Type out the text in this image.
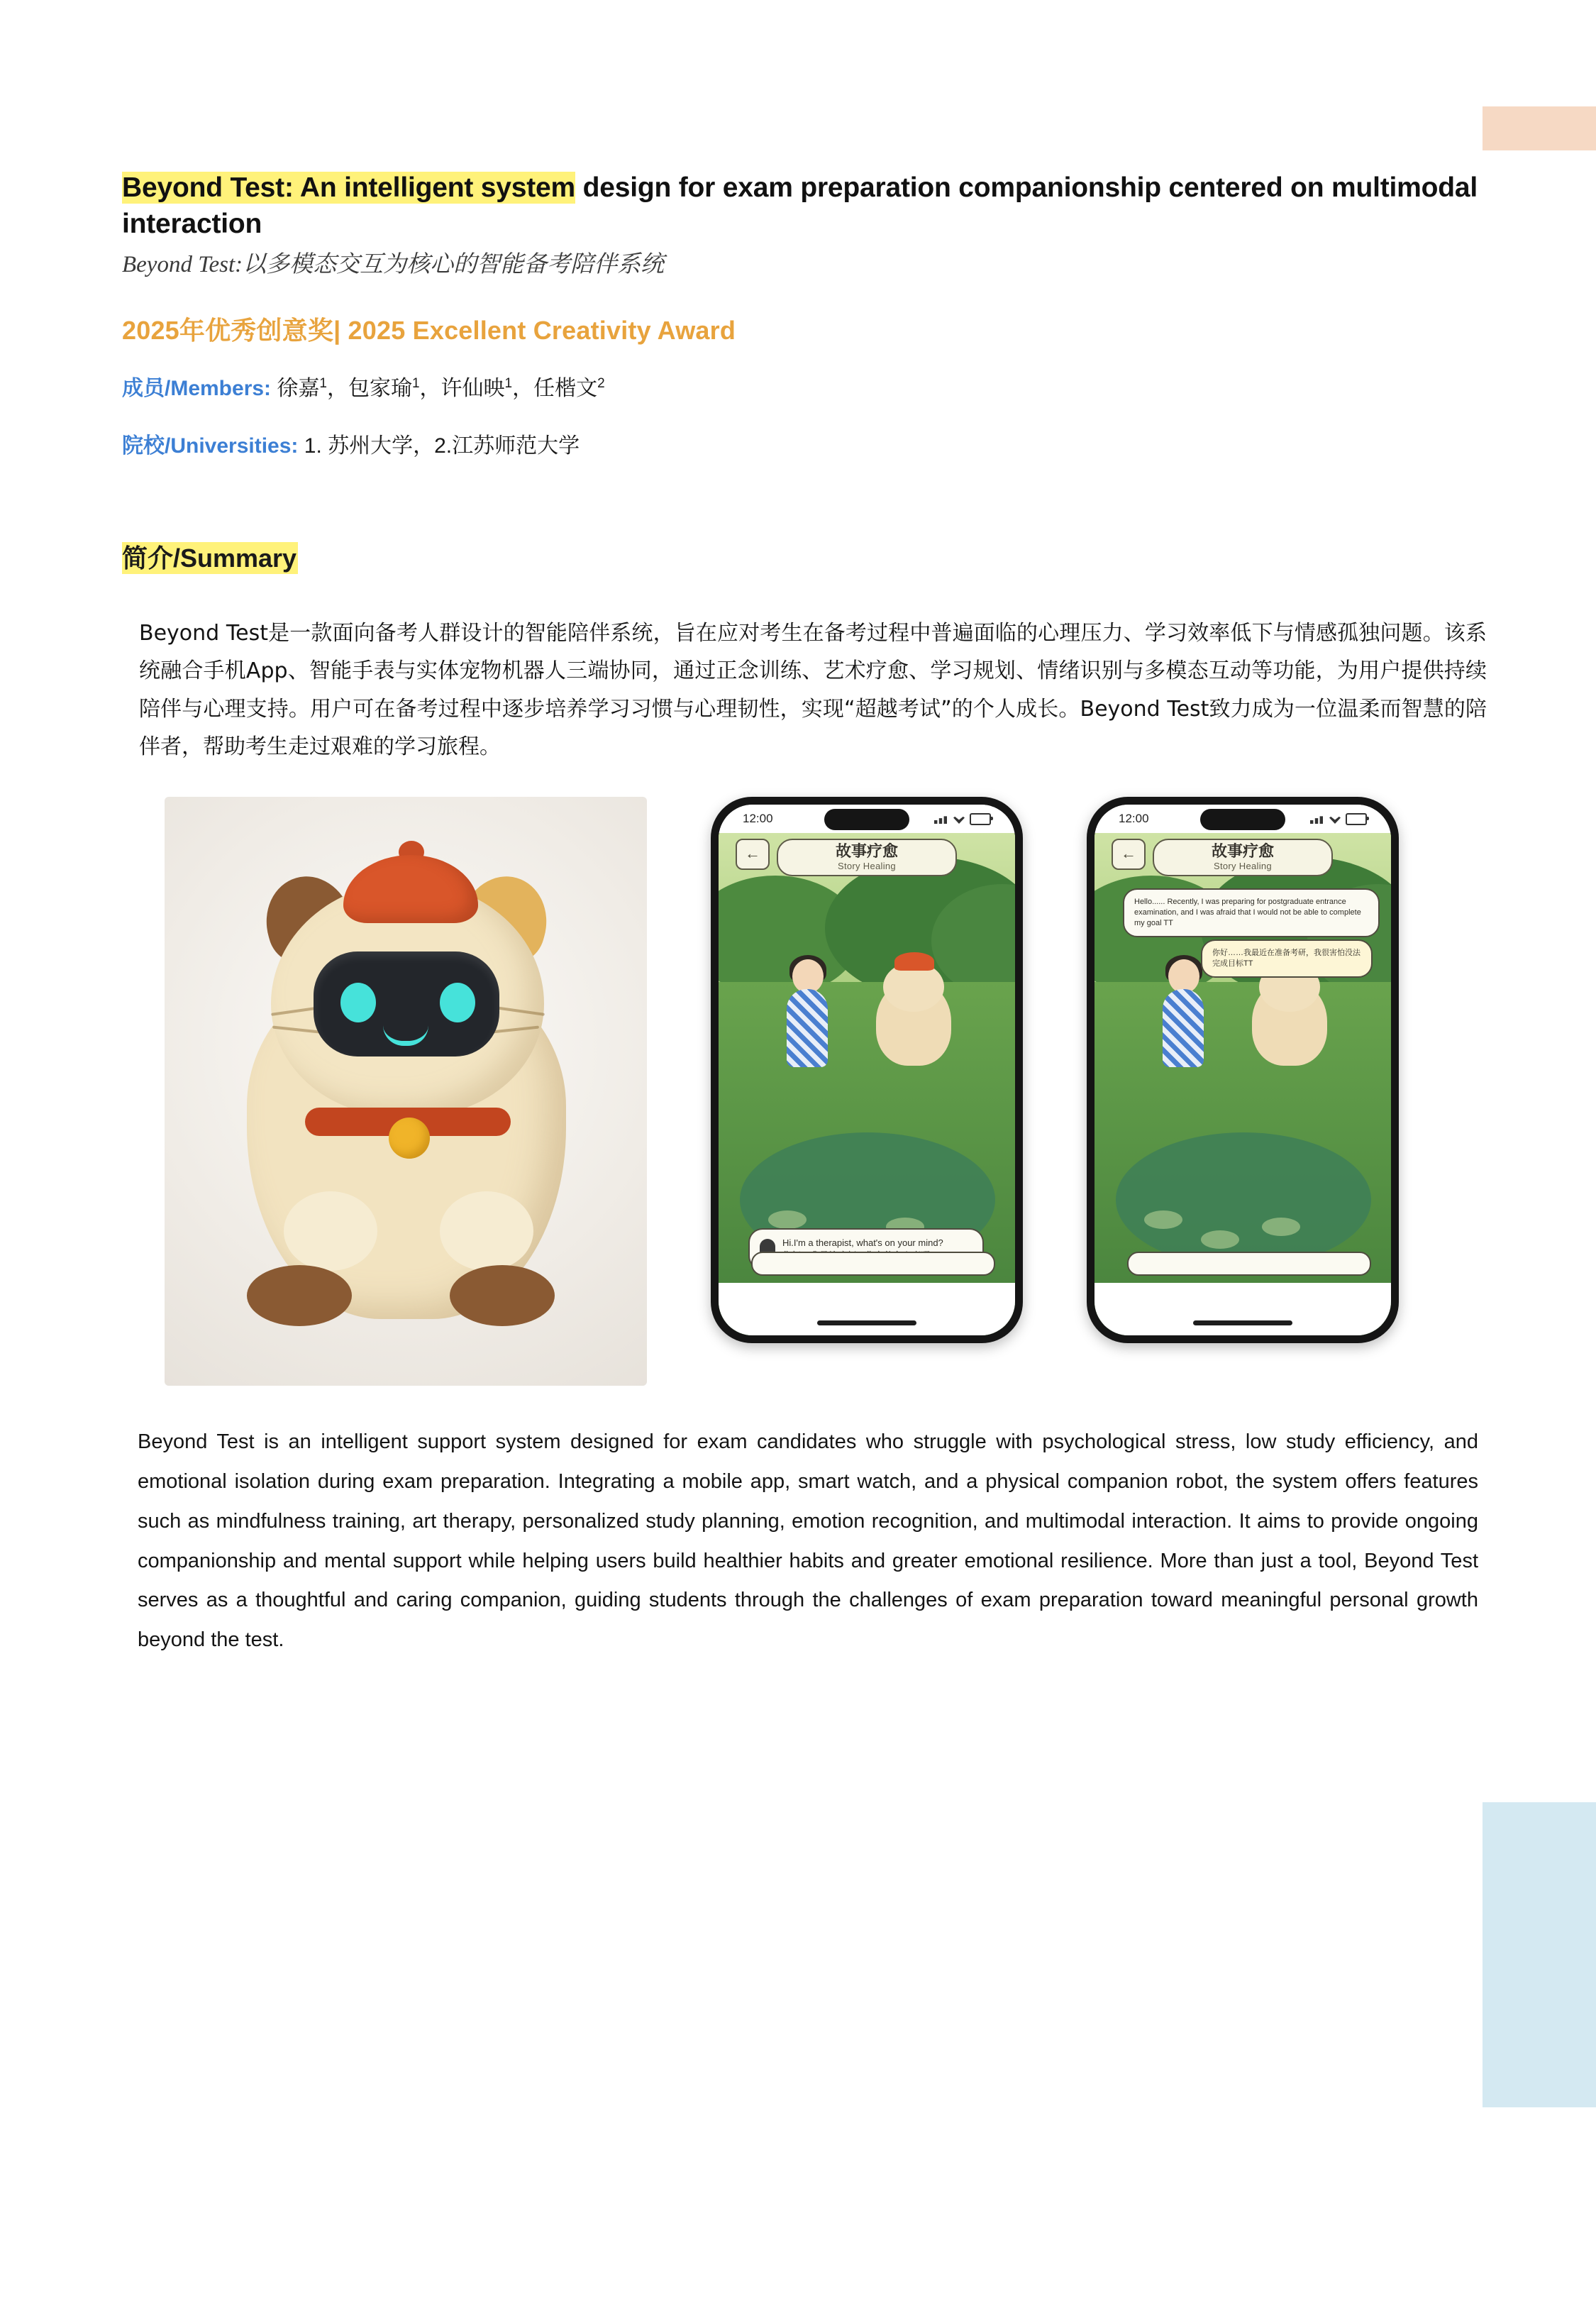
Beyond Test: An intelligent system design for exam preparation companionship centered on multimodal interaction
Beyond Test:以多模态交互为核心的智能备考陪伴系统
2025年优秀创意奖| 2025 Excellent Creativity Award
成员/Members: 徐嘉$^1$，包家瑜$^1$，许仙映$^1$，任楷文$^2$
院校/Universities: 1. 苏州大学，2.江苏师范大学
简介/Summary

Beyond Test是一款面向备考人群设计的智能陪伴系统，旨在应对考生在备考过程中普遍面临的心理压力、学习效率低下与情感孤独问题。该系统融合手机App、智能手表与实体宠物机器人三端协同，通过正念训练、艺术疗愈、学习规划、情绪识别与多模态互动等功能，为用户提供持续陪伴与心理支持。用户可在备考过程中逐步培养学习习惯与心理韧性，实现“超越考试”的个人成长。Beyond Test致力成为一位温柔而智慧的陪伴者，帮助考生走过艰难的学习旅程。

12:00
←	故事疗愈
Story Healing
Hi.I'm a therapist, what's on your mind?

12:00
←	故事疗愈
Story Healing
Hello...... Recently, I was preparing for postgraduate entrance examination, and I was afraid that I would not be able to complete my goal TT
你好……我最近在准备考研，我很害怕没法完成目标TT

Beyond Test is an intelligent support system designed for exam candidates who struggle with psychological stress, low study efficiency, and emotional isolation during exam preparation. Integrating a mobile app, smart watch, and a physical companion robot, the system offers features such as mindfulness training, art therapy, personalized study planning, emotion recognition, and multimodal interaction. It aims to provide ongoing companionship and mental support while helping users build healthier habits and greater emotional resilience. More than just a tool, Beyond Test serves as a thoughtful and caring companion, guiding students through the challenges of exam preparation toward meaningful personal growth beyond the test.
